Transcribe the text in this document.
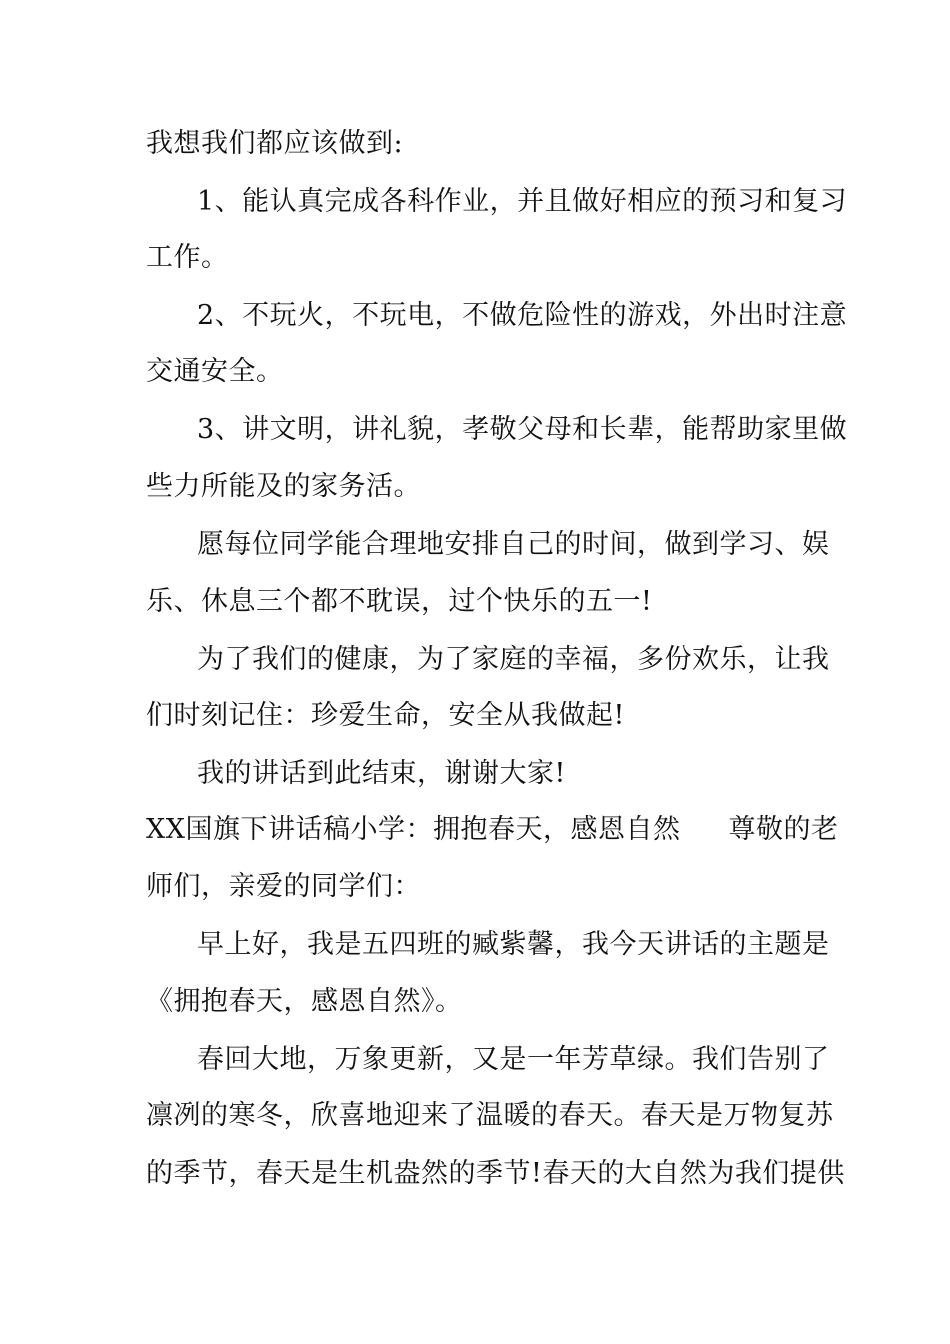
我想我们都应该做到:
1、能认真完成各科作业，并且做好相应的预习和复习
工作。
2、不玩火，不玩电，不做危险性的游戏，外出时注意
交通安全。
3、讲文明，讲礼貌，孝敬父母和长辈，能帮助家里做
些力所能及的家务活。
愿每位同学能合理地安排自己的时间，做到学习、娱
乐、休息三个都不耽误，过个快乐的五一!
为了我们的健康，为了家庭的幸福，多份欢乐，让我
们时刻记住：珍爱生命，安全从我做起!
我的讲话到此结束，谢谢大家!
XX国旗下讲话稿小学：拥抱春天，感恩自然 尊敬的老
师们，亲爱的同学们：
早上好，我是五四班的臧紫馨，我今天讲话的主题是
《拥抱春天，感恩自然》。
春回大地，万象更新，又是一年芳草绿。我们告别了
凛冽的寒冬，欣喜地迎来了温暖的春天。春天是万物复苏
的季节，春天是生机盎然的季节!春天的大自然为我们提供
